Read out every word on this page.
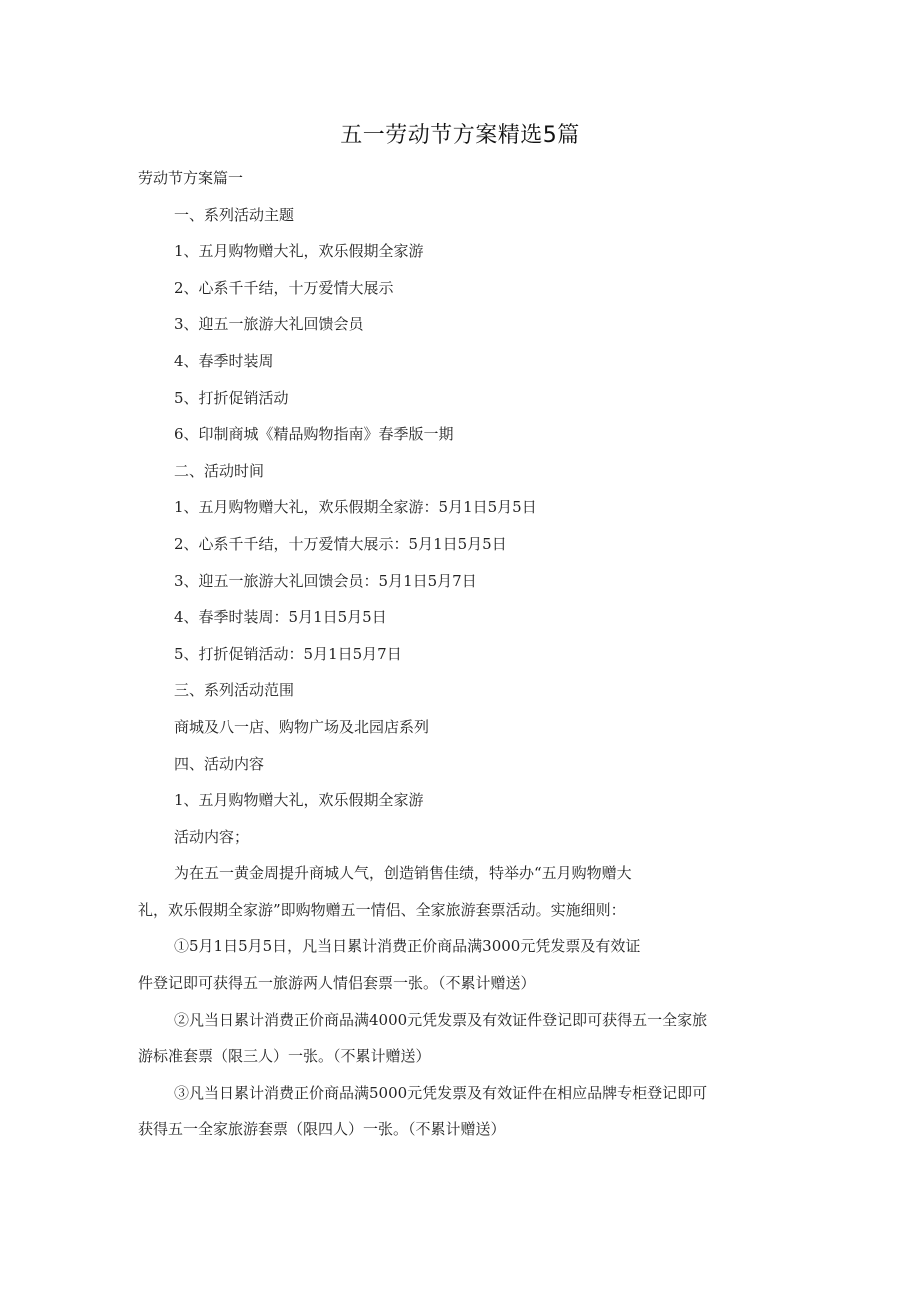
五一劳动节方案精选5篇
劳动节方案篇一
一、系列活动主题
1、五月购物赠大礼，欢乐假期全家游
2、心系千千结，十万爱情大展示
3、迎五一旅游大礼回馈会员
4、春季时装周
5、打折促销活动
6、印制商城《精品购物指南》春季版一期
二、活动时间
1、五月购物赠大礼，欢乐假期全家游：5月1日5月5日
2、心系千千结，十万爱情大展示：5月1日5月5日
3、迎五一旅游大礼回馈会员：5月1日5月7日
4、春季时装周：5月1日5月5日
5、打折促销活动：5月1日5月7日
三、系列活动范围
商城及八一店、购物广场及北园店系列
四、活动内容
1、五月购物赠大礼，欢乐假期全家游
活动内容；
为在五一黄金周提升商城人气，创造销售佳绩，特举办“五月购物赠大
礼，欢乐假期全家游”即购物赠五一情侣、全家旅游套票活动。实施细则：
①5月1日5月5日，凡当日累计消费正价商品满3000元凭发票及有效证
件登记即可获得五一旅游两人情侣套票一张。（不累计赠送）
②凡当日累计消费正价商品满4000元凭发票及有效证件登记即可获得五一全家旅
游标准套票（限三人）一张。（不累计赠送）
③凡当日累计消费正价商品满5000元凭发票及有效证件在相应品牌专柜登记即可
获得五一全家旅游套票（限四人）一张。（不累计赠送）
